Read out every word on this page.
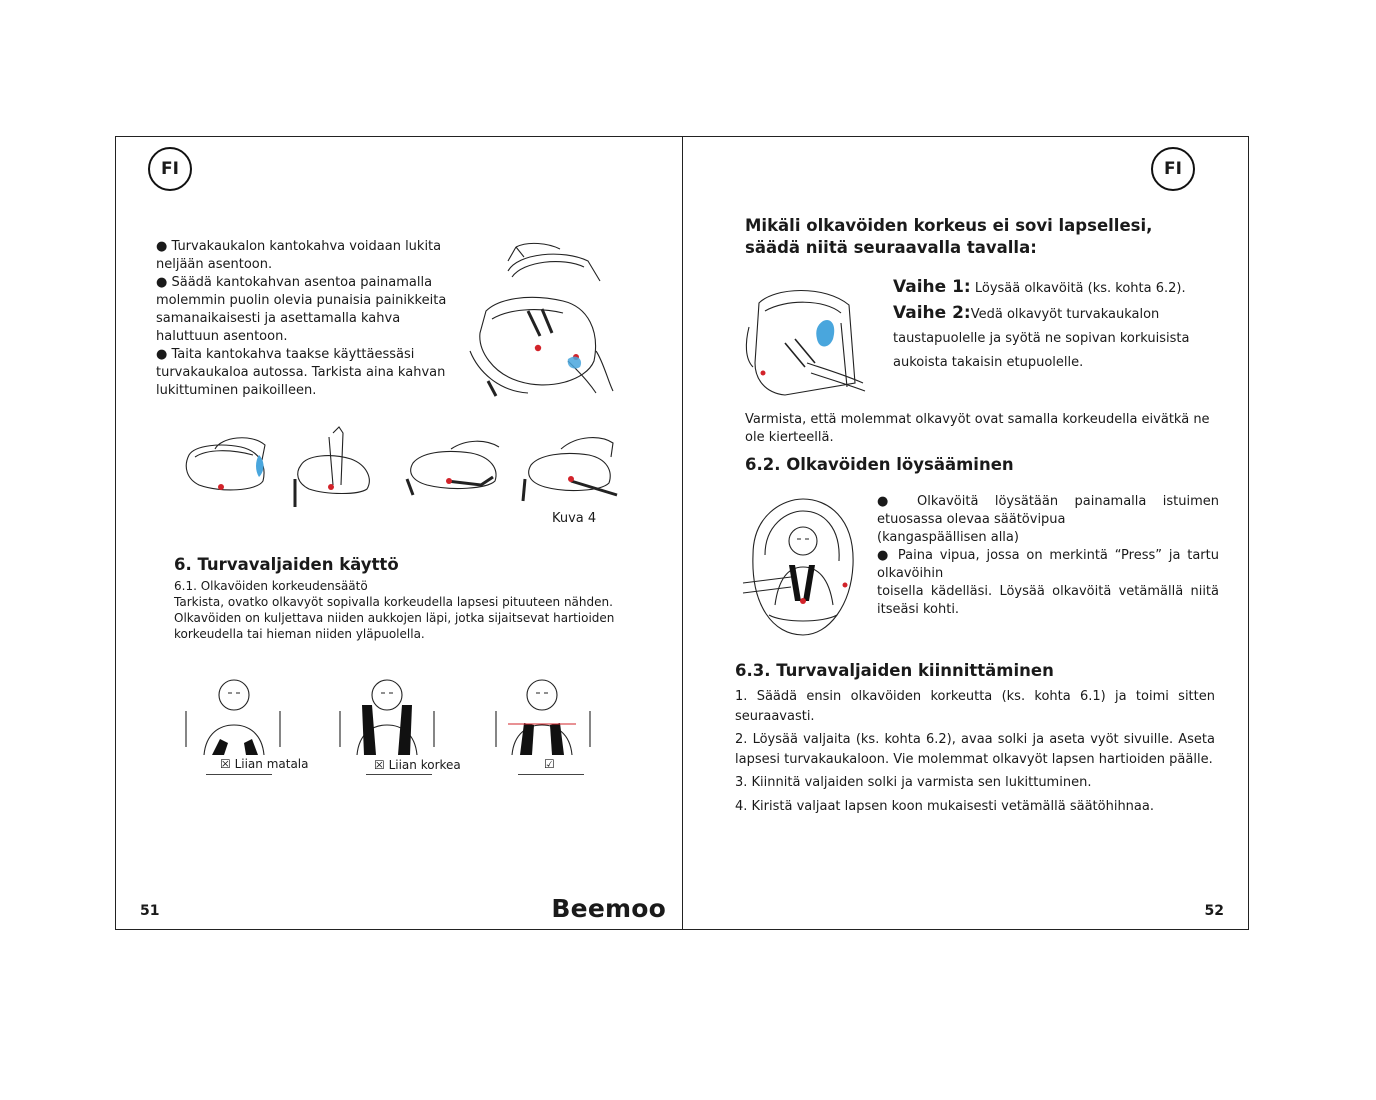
FI

● Turvakaukalon kantokahva voidaan lukita neljään asentoon.

● Säädä kantokahvan asentoa painamalla molemmin puolin olevia punaisia painikkeita samanaikaisesti ja asettamalla kahva haluttuun asentoon.

● Taita kantokahva taakse käyttäessäsi turvakaukaloa autossa. Tarkista aina kahvan lukittuminen paikoilleen.

Kuva 4
6. Turvavaljaiden käyttö

6.1. Olkavöiden korkeudensäätö

Tarkista, ovatko olkavyöt sopivalla korkeudella lapsesi pituuteen nähden. Olkavöiden on kuljettava niiden aukkojen läpi, jotka sijaitsevat hartioiden korkeudella tai hieman niiden yläpuolella.

☒ Liian matala	☒ Liian korkea	☑
51	Beemoo
FI
Mikäli olkavöiden korkeus ei sovi lapsellesi, säädä niitä seuraavalla tavalla:

Vaihe 1: Löysää olkavöitä (ks. kohta 6.2).

Vaihe 2:Vedä olkavyöt turvakaukalon taustapuolelle ja syötä ne sopivan korkuisista aukoista takaisin etupuolelle.

Varmista, että molemmat olkavyöt ovat samalla korkeudella eivätkä ne ole kierteellä.

6.2. Olkavöiden löysääminen

● Olkavöitä löysätään painamalla istuimen etuosassa olevaa säätövipua

(kangaspäällisen alla)

● Paina vipua, jossa on merkintä “Press” ja tartu olkavöihin

toisella kädelläsi. Löysää olkavöitä vetämällä niitä itseäsi kohti.

6.3. Turvavaljaiden kiinnittäminen

1. Säädä ensin olkavöiden korkeutta (ks. kohta 6.1) ja toimi sitten seuraavasti.

2. Löysää valjaita (ks. kohta 6.2), avaa solki ja aseta vyöt sivuille. Aseta lapsesi turvakaukaloon. Vie molemmat olkavyöt lapsen hartioiden päälle.

3. Kiinnitä valjaiden solki ja varmista sen lukittuminen.

4. Kiristä valjaat lapsen koon mukaisesti vetämällä säätöhihnaa.

52
